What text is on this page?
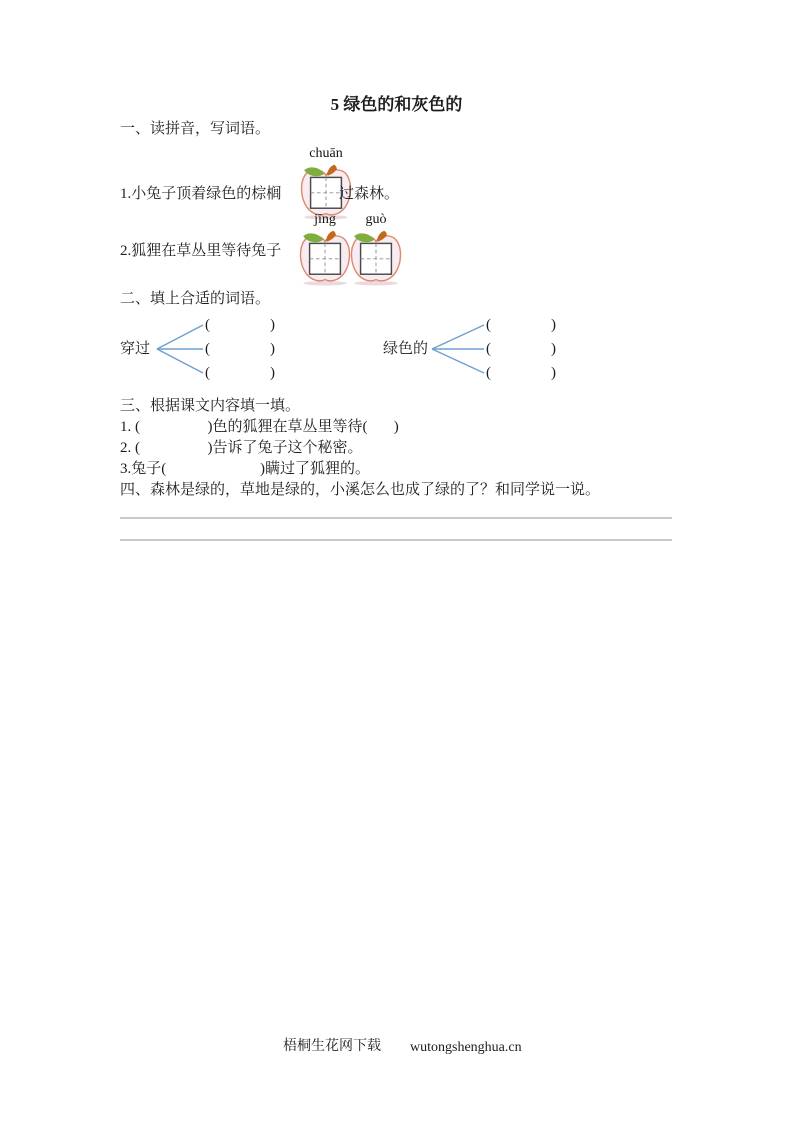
5 绿色的和灰色的
一、读拼音，写词语。
1.小兔子顶着绿色的棕榈
chuān
过森林。
2.狐狸在草丛里等待兔子
jīng	guò
二、填上合适的词语。
穿过
(                )
(                )
(                )
绿色的
(                )
(                )
(                )
三、根据课文内容填一填。
1. (                  )色的狐狸在草丛里等待(       )
2. (                  )告诉了兔子这个秘密。
3.兔子(                         )瞒过了狐狸的。
四、森林是绿的，草地是绿的，小溪怎么也成了绿的了？和同学说一说。
梧桐生花网下载 wutongshenghua.cn
